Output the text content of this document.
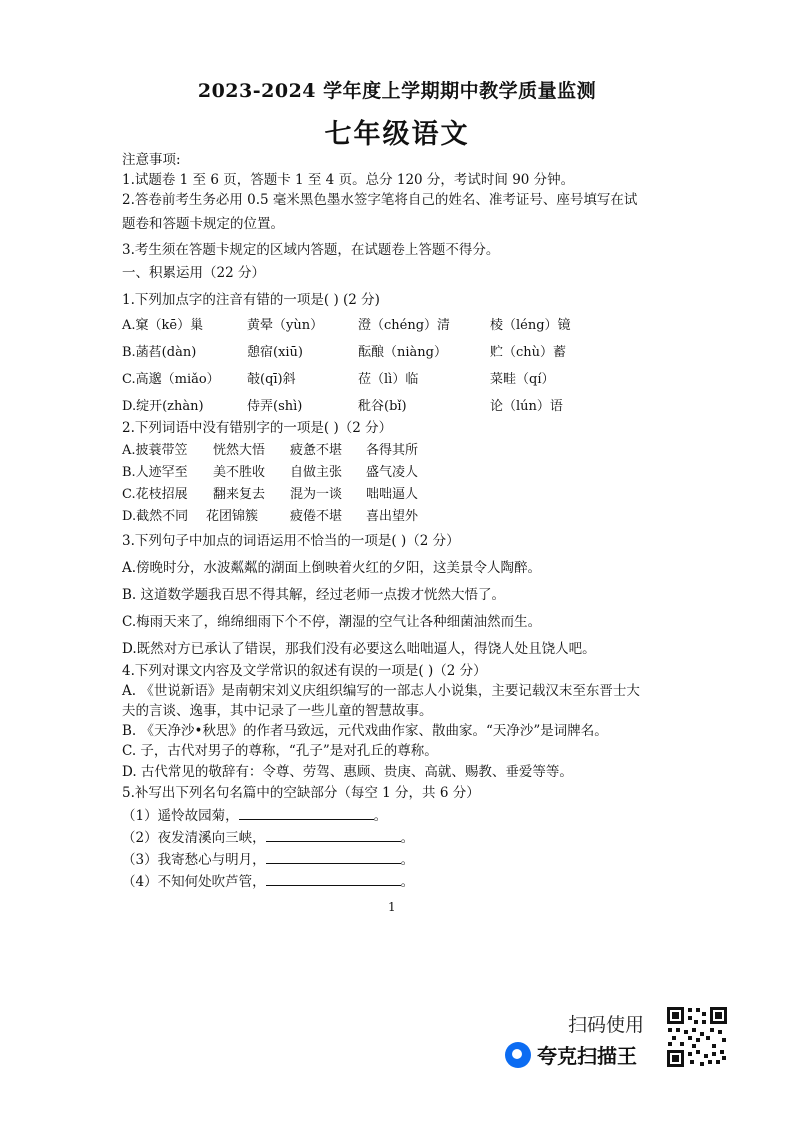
2023-2024 学年度上学期期中教学质量监测
七年级语文
注意事项:
1.试题卷 1 至 6 页，答题卡 1 至 4 页。总分 120 分，考试时间 90 分钟。
2.答卷前考生务必用 0.5 毫米黑色墨水签字笔将自己的姓名、准考证号、座号填写在试
题卷和答题卡规定的位置。
3.考生须在答题卡规定的区域内答题，在试题卷上答题不得分。
一、积累运用（22 分）
1.下列加点字的注音有错的一项是( ) (2 分)
A.窠（kē）巢	黄晕（yùn）	澄（chéng）清	棱（léng）镜
B.菡萏(dàn)	憩宿(xiū)	酝酿（niàng）	贮（chù）蓄
C.高邈（miǎo） 攲(qī)斜	莅（lì）临	菜畦（qí）
D.绽开(zhàn)	侍弄(shì)	秕谷(bǐ)	论（lún）语
2.下列词语中没有错别字的一项是( )（2 分）
A.披蓑带笠 恍然大悟 疲惫不堪 各得其所
B.人迹罕至 美不胜收 自做主张 盛气凌人
C.花枝招展 翻来复去 混为一谈 咄咄逼人
D.截然不同 花团锦簇 疲倦不堪 喜出望外
3.下列句子中加点的词语运用不恰当的一项是( )（2 分）
A.傍晚时分，水波粼粼的湖面上倒映着火红的夕阳，这美景令人陶醉。
B. 这道数学题我百思不得其解，经过老师一点拨才恍然大悟了。
C.梅雨天来了，绵绵细雨下个不停，潮湿的空气让各种细菌油然而生。
D.既然对方已承认了错误，那我们没有必要这么咄咄逼人，得饶人处且饶人吧。
4.下列对课文内容及文学常识的叙述有误的一项是( )（2 分）
A. 《世说新语》是南朝宋刘义庆组织编写的一部志人小说集，主要记载汉末至东晋士大
夫的言谈、逸事，其中记录了一些儿童的智慧故事。
B. 《天净沙•秋思》的作者马致远，元代戏曲作家、散曲家。“天净沙”是词牌名。
C. 子，古代对男子的尊称，“孔子”是对孔丘的尊称。
D. 古代常见的敬辞有：令尊、劳驾、惠顾、贵庚、高就、赐教、垂爱等等。
5.补写出下列名句名篇中的空缺部分（每空 1 分，共 6 分）
（1）遥怜故园菊，	。
（2）夜发清溪向三峡，	。
（3）我寄愁心与明月，	。
（4）不知何处吹芦管，	。
1
扫码使用
夸克扫描王
